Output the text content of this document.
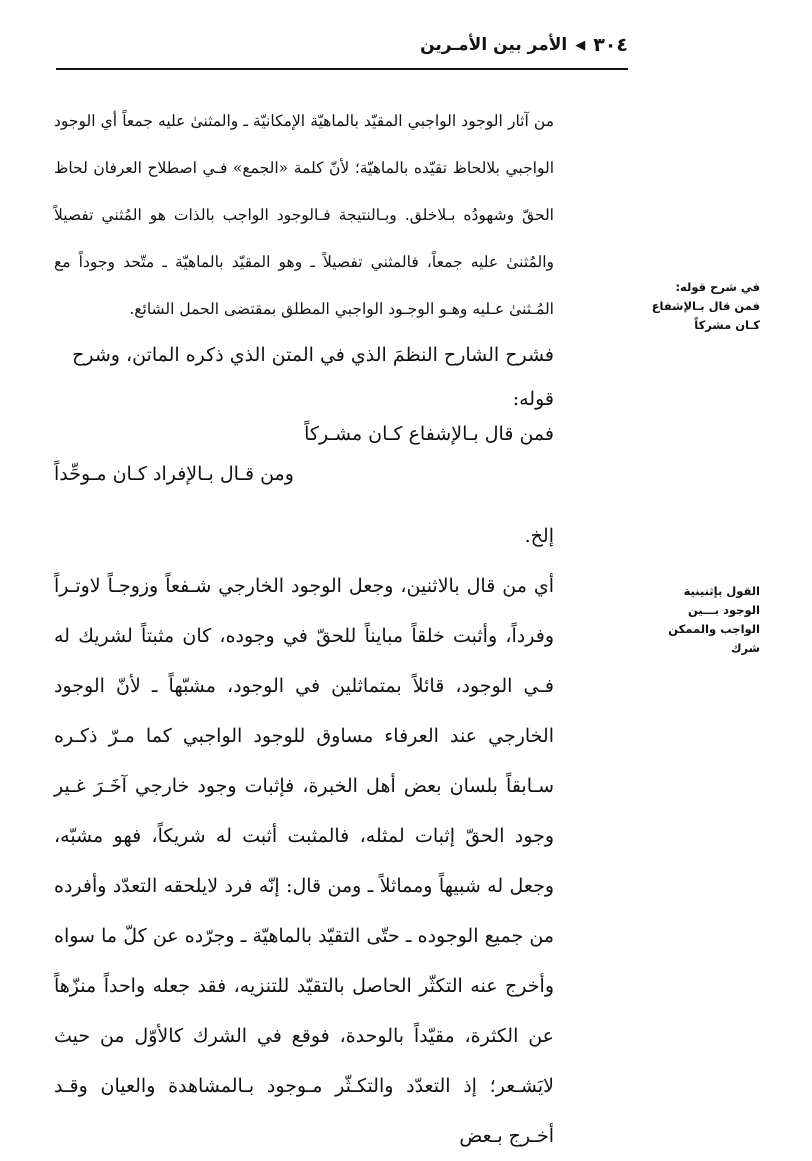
٣٠٤
◀
الأمر بين الأمـرين

من آثار الوجود الواجبي المقيّد بالماهيّة الإمكانيّة ـ والمثنىٰ عليه جمعاً أي الوجود الواجبي بلالحاظ تقيّده بالماهيّة؛ لأنّ كلمة «الجمع» فـي اصطلاح العرفان لحاظ الحقّ وشهودُه بـلاخلق. وبـالنتيجة فـالوجود الواجب بالذات هو المُثني تفصيلاً والمُثنىٰ عليه جمعاً، فالمثني تفصيلاً ـ وهو المقيّد بالماهيّة ـ متّحد وجوداً مع المُـثنىٰ عـليه وهـو الوجـود الواجبي المطلق بمقتضى الحمل الشائع.

فشرح الشارح النظمَ الذي في المتن الذي ذكره الماتن، وشرح قوله:

فمن قال بـالإشفاع كـان مشـركاً
ومن قـال بـالإفراد كـان مـوحِّداً

إلخ.

أي من قال بالاثنين، وجعل الوجود الخارجي شـفعاً وزوجـاً لاوتـراً وفرداً، وأثبت خلقاً مبايناً للحقّ في وجوده، كان مثبتاً لشريك له فـي الوجود، قائلاً بمتماثلين في الوجود، مشبّهاً ـ لأنّ الوجود الخارجي عند العرفاء مساوق للوجود الواجبي كما مـرّ ذكـره سـابقاً بلسان بعض أهل الخبرة، فإثبات وجود خارجي آخَـرَ غـير وجود الحقّ إثبات لمثله، فالمثبت أثبت له شريكاً، فهو مشبّه، وجعل له شبيهاً ومماثلاً ـ ومن قال: إنّه فرد لايلحقه التعدّد وأفرده من جميع الوجوده ـ حتّى التقيّد بالماهيّة ـ وجرّده عن كلّ ما سواه وأخرج عنه التكثّر الحاصل بالتقيّد للتنزيه، فقد جعله واحداً منزّهاً عن الكثرة، مقيّداً بالوحدة، فوقع في الشرك كالأوّل من حيث لايَشـعر؛ إذ التعدّد والتكـثّر مـوجود بـالمشاهدة والعيان وقـد أخـرج بـعض

في شرح قوله: فمن قال بـالإشفاع كـان مشركاً
القول بإثنينية الوجود بـــين الواجب والممكن شرك
